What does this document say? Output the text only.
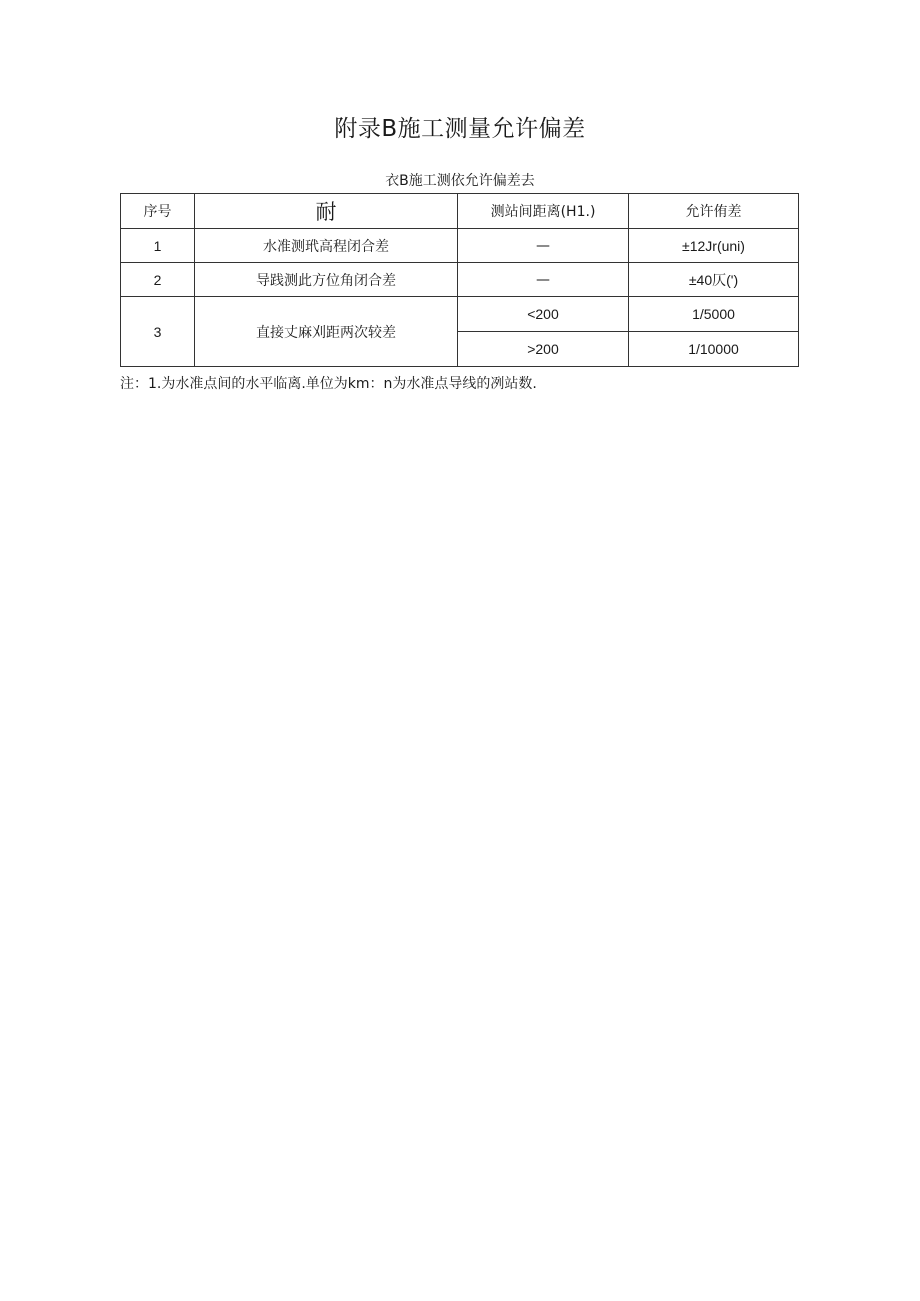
附录B施工测量允许偏差
衣B施工测依允许偏差去
序号	耐	测站间距离(H1.)	允许侑差
1	水准测玳高程闭合差	—	±12Jr(uni)
2	导践测此方位角闭合差	—	±40仄(')
3	直接丈麻刈距两次较差	<200	1/5000
		>200	1/10000
注：1.为水准点间的水平临离.单位为km：n为水准点导线的冽站数.
